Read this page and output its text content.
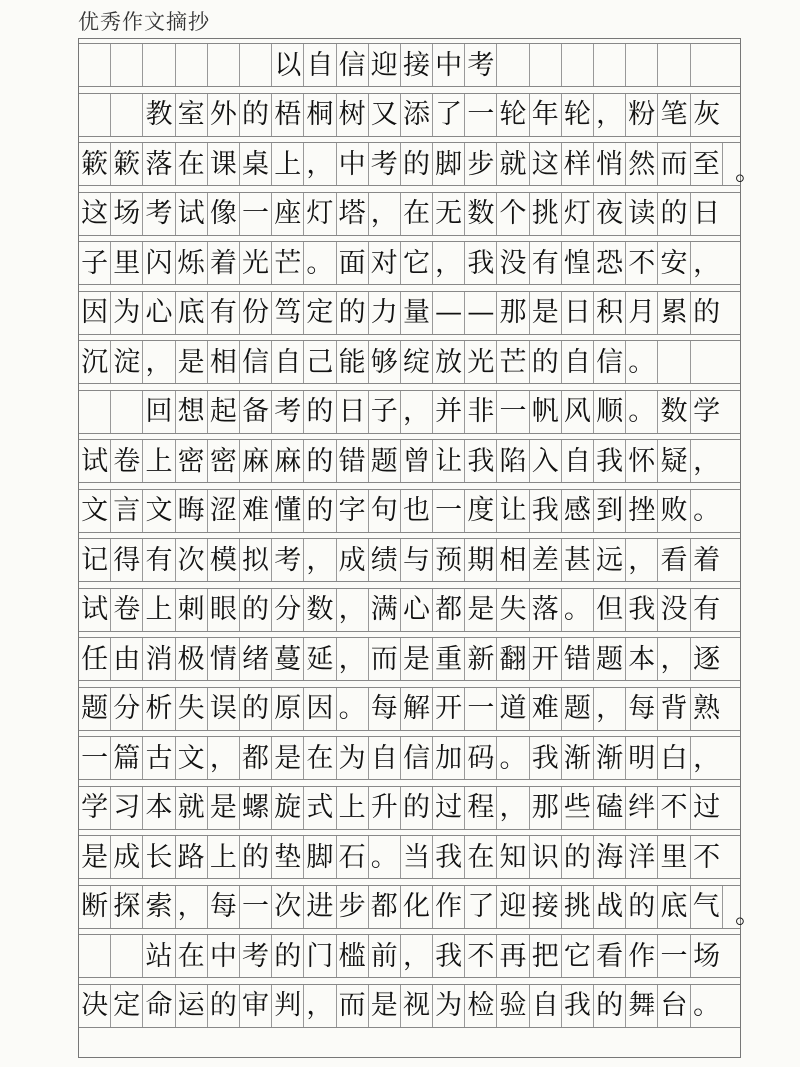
优秀作文摘抄
以 自 信 迎 接 中 考
教 室 外 的 梧 桐 树 又 添 了 一 轮 年 轮 ， 粉 笔 灰
簌 簌 落 在 课 桌 上 ， 中 考 的 脚 步 就 这 样 悄 然 而 至 。
这 场 考 试 像 一 座 灯 塔 ， 在 无 数 个 挑 灯 夜 读 的 日
子 里 闪 烁 着 光 芒 。 面 对 它 ， 我 没 有 惶 恐 不 安 ，
因 为 心 底 有 份 笃 定 的 力 量 — — 那 是 日 积 月 累 的
沉 淀 ， 是 相 信 自 己 能 够 绽 放 光 芒 的 自 信 。
回 想 起 备 考 的 日 子 ， 并 非 一 帆 风 顺 。 数 学
试 卷 上 密 密 麻 麻 的 错 题 曾 让 我 陷 入 自 我 怀 疑 ，
文 言 文 晦 涩 难 懂 的 字 句 也 一 度 让 我 感 到 挫 败 。
记 得 有 次 模 拟 考 ， 成 绩 与 预 期 相 差 甚 远 ， 看 着
试 卷 上 刺 眼 的 分 数 ， 满 心 都 是 失 落 。 但 我 没 有
任 由 消 极 情 绪 蔓 延 ， 而 是 重 新 翻 开 错 题 本 ， 逐
题 分 析 失 误 的 原 因 。 每 解 开 一 道 难 题 ， 每 背 熟
一 篇 古 文 ， 都 是 在 为 自 信 加 码 。 我 渐 渐 明 白 ，
学 习 本 就 是 螺 旋 式 上 升 的 过 程 ， 那 些 磕 绊 不 过
是 成 长 路 上 的 垫 脚 石 。 当 我 在 知 识 的 海 洋 里 不
断 探 索 ， 每 一 次 进 步 都 化 作 了 迎 接 挑 战 的 底 气 。
站 在 中 考 的 门 槛 前 ， 我 不 再 把 它 看 作 一 场
决 定 命 运 的 审 判 ， 而 是 视 为 检 验 自 我 的 舞 台 。
